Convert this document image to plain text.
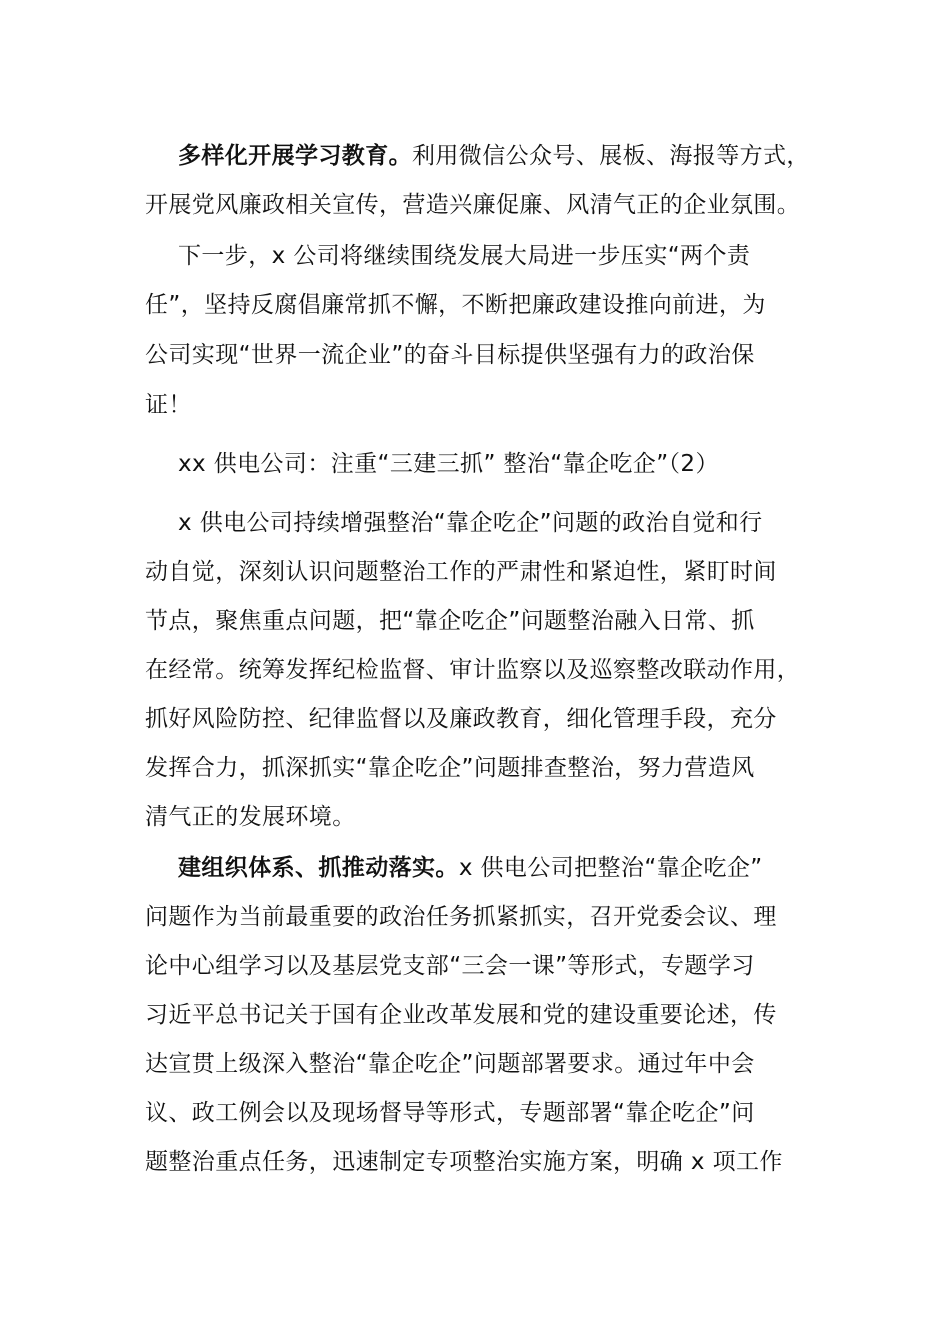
多样化开展学习教育。利用微信公众号、展板、海报等方式，
开展党风廉政相关宣传，营造兴廉促廉、风清气正的企业氛围。
下一步，x 公司将继续围绕发展大局进一步压实“两个责
任”，坚持反腐倡廉常抓不懈，不断把廉政建设推向前进，为
公司实现“世界一流企业”的奋斗目标提供坚强有力的政治保
证！
xx 供电公司：注重“三建三抓” 整治“靠企吃企”（2）
x 供电公司持续增强整治“靠企吃企”问题的政治自觉和行
动自觉，深刻认识问题整治工作的严肃性和紧迫性，紧盯时间
节点，聚焦重点问题，把“靠企吃企”问题整治融入日常、抓
在经常。统筹发挥纪检监督、审计监察以及巡察整改联动作用，
抓好风险防控、纪律监督以及廉政教育，细化管理手段，充分
发挥合力，抓深抓实“靠企吃企”问题排查整治，努力营造风
清气正的发展环境。
建组织体系、抓推动落实。x 供电公司把整治“靠企吃企”
问题作为当前最重要的政治任务抓紧抓实，召开党委会议、理
论中心组学习以及基层党支部“三会一课”等形式，专题学习
习近平总书记关于国有企业改革发展和党的建设重要论述，传
达宣贯上级深入整治“靠企吃企”问题部署要求。通过年中会
议、政工例会以及现场督导等形式，专题部署“靠企吃企”问
题整治重点任务，迅速制定专项整治实施方案，明确 x 项工作
